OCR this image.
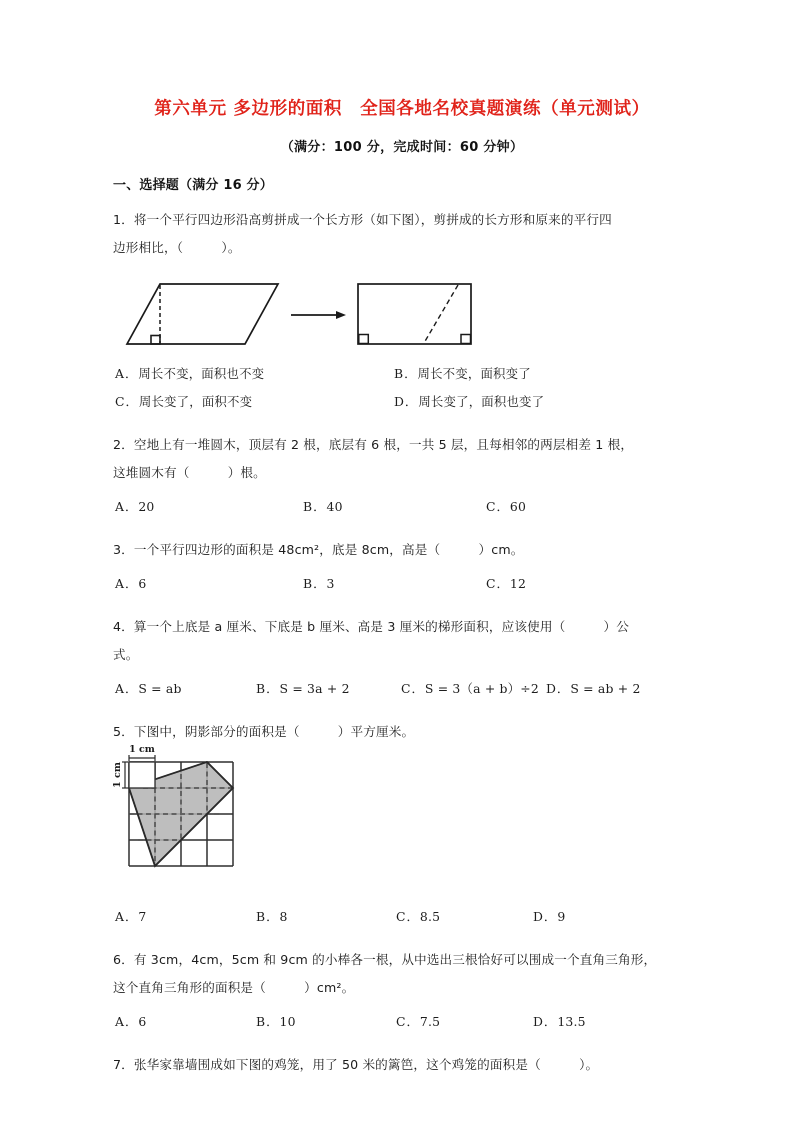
第六单元 多边形的面积　全国各地名校真题演练（单元测试）
（满分：100 分，完成时间：60 分钟）
一、选择题（满分 16 分）
1．将一个平行四边形沿高剪拼成一个长方形（如下图），剪拼成的长方形和原来的平行四
边形相比，（　　　）。
A．周长不变，面积也不变	B．周长不变，面积变了
C．周长变了，面积不变	D．周长变了，面积也变了
2．空地上有一堆圆木，顶层有 2 根，底层有 6 根，一共 5 层，且每相邻的两层相差 1 根，
这堆圆木有（　　　）根。
A．20	B．40	C．60
3．一个平行四边形的面积是 48cm²，底是 8cm，高是（　　　）cm。
A．6	B．3	C．12
4．算一个上底是 a 厘米、下底是 b 厘米、高是 3 厘米的梯形面积，应该使用（　　　）公
式。
A．S = ab	B．S = 3a + 2	C．S = 3（a + b）÷2 D．S = ab + 2
5．下图中，阴影部分的面积是（　　　）平方厘米。
1 cm
1 cm
A．7	B．8	C．8.5	D．9
6．有 3cm，4cm，5cm 和 9cm 的小棒各一根，从中选出三根恰好可以围成一个直角三角形，
这个直角三角形的面积是（　　　）cm²。
A．6	B．10	C．7.5	D．13.5
7．张华家靠墙围成如下图的鸡笼，用了 50 米的篱笆，这个鸡笼的面积是（　　　）。
